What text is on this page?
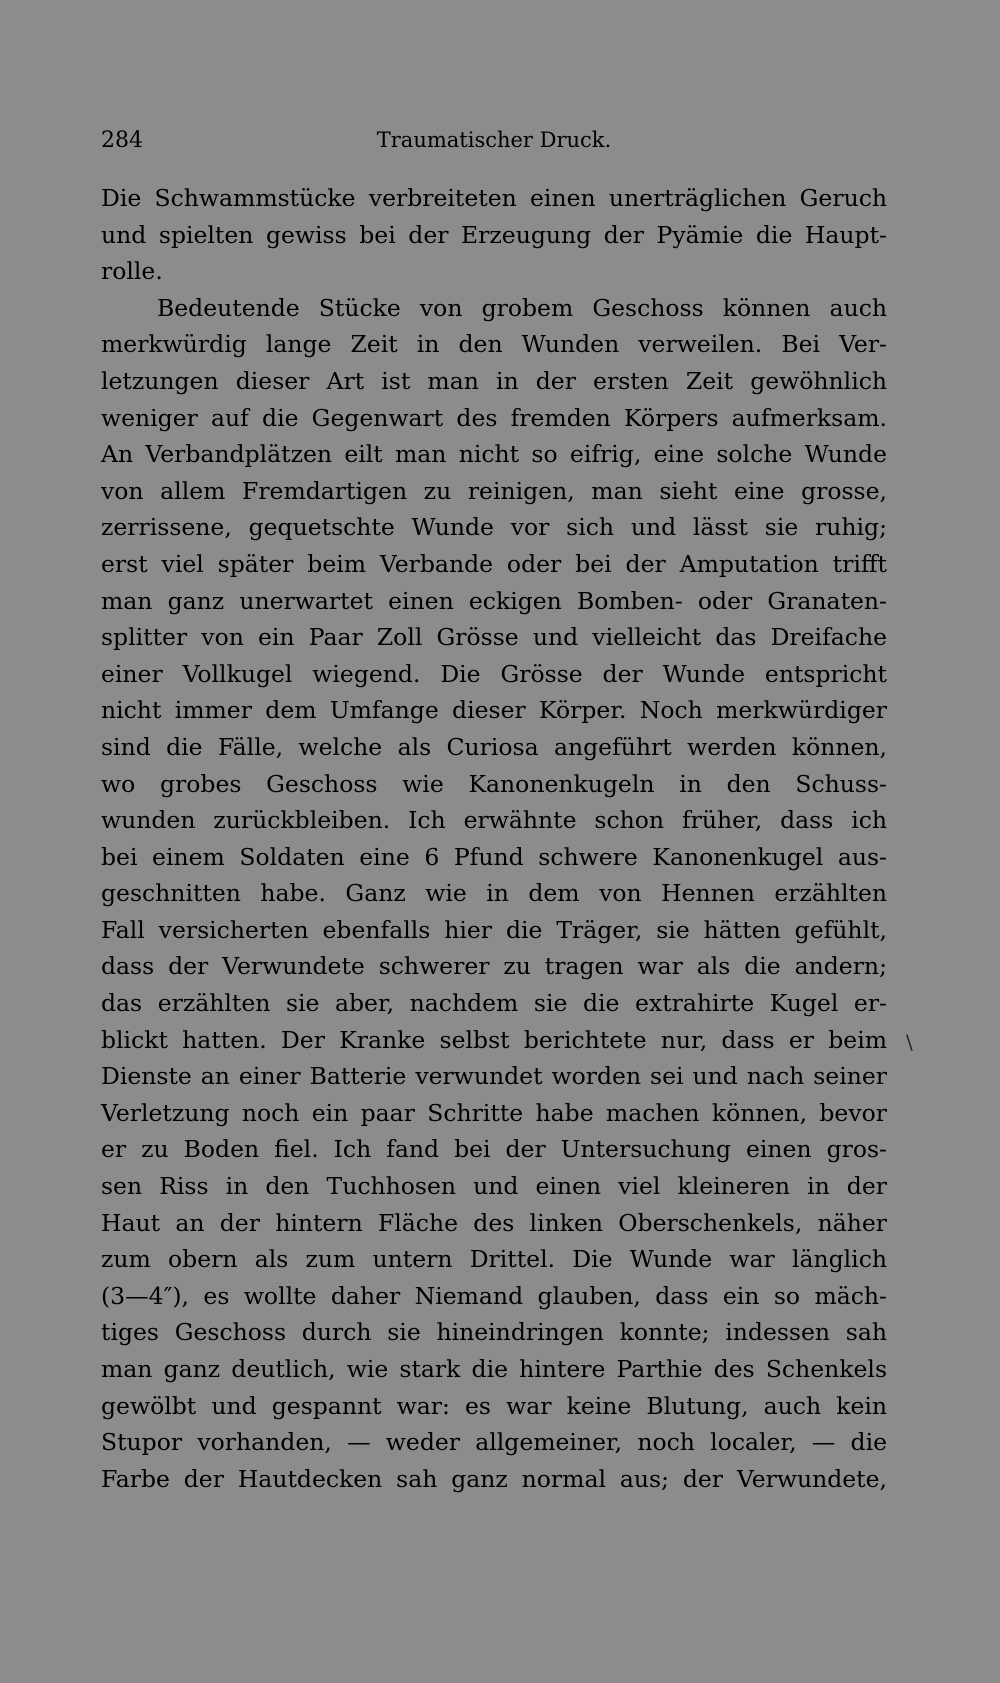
284	Traumatischer Druck.
Die Schwammstücke verbreiteten einen unerträglichen Geruch
und spielten gewiss bei der Erzeugung der Pyämie die Haupt-
rolle.
Bedeutende Stücke von grobem Geschoss können auch
merkwürdig lange Zeit in den Wunden verweilen. Bei Ver-
letzungen dieser Art ist man in der ersten Zeit gewöhnlich
weniger auf die Gegenwart des fremden Körpers aufmerksam.
An Verbandplätzen eilt man nicht so eifrig, eine solche Wunde
von allem Fremdartigen zu reinigen, man sieht eine grosse,
zerrissene, gequetschte Wunde vor sich und lässt sie ruhig;
erst viel später beim Verbande oder bei der Amputation trifft
man ganz unerwartet einen eckigen Bomben- oder Granaten-
splitter von ein Paar Zoll Grösse und vielleicht das Dreifache
einer Vollkugel wiegend. Die Grösse der Wunde entspricht
nicht immer dem Umfange dieser Körper. Noch merkwürdiger
sind die Fälle, welche als Curiosa angeführt werden können,
wo grobes Geschoss wie Kanonenkugeln in den Schuss-
wunden zurückbleiben. Ich erwähnte schon früher, dass ich
bei einem Soldaten eine 6 Pfund schwere Kanonenkugel aus-
geschnitten habe. Ganz wie in dem von Hennen erzählten
Fall versicherten ebenfalls hier die Träger, sie hätten gefühlt,
dass der Verwundete schwerer zu tragen war als die andern;
das erzählten sie aber, nachdem sie die extrahirte Kugel er-
blickt hatten. Der Kranke selbst berichtete nur, dass er beim
Dienste an einer Batterie verwundet worden sei und nach seiner
Verletzung noch ein paar Schritte habe machen können, bevor
er zu Boden fiel. Ich fand bei der Untersuchung einen gros-
sen Riss in den Tuchhosen und einen viel kleineren in der
Haut an der hintern Fläche des linken Oberschenkels, näher
zum obern als zum untern Drittel. Die Wunde war länglich
(3—4″), es wollte daher Niemand glauben, dass ein so mäch-
tiges Geschoss durch sie hineindringen konnte; indessen sah
man ganz deutlich, wie stark die hintere Parthie des Schenkels
gewölbt und gespannt war: es war keine Blutung, auch kein
Stupor vorhanden, — weder allgemeiner, noch localer, — die
Farbe der Hautdecken sah ganz normal aus; der Verwundete,
\
